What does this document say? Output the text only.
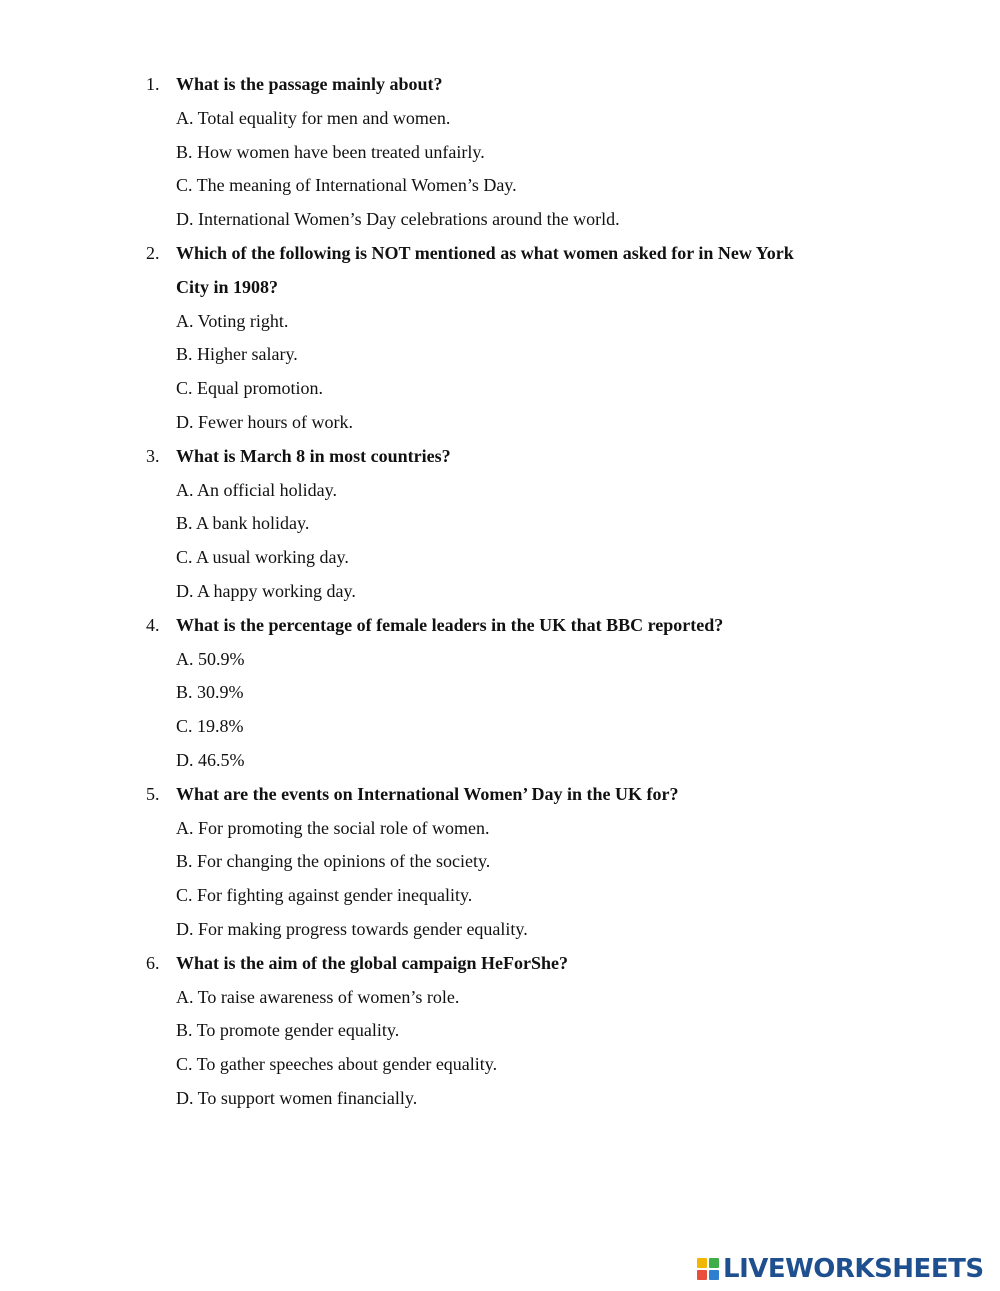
1. What is the passage mainly about?
A. Total equality for men and women.
B. How women have been treated unfairly.
C. The meaning of International Women’s Day.
D. International Women’s Day celebrations around the world.
2. Which of the following is NOT mentioned as what women asked for in New York
City in 1908?
A. Voting right.
B. Higher salary.
C. Equal promotion.
D. Fewer hours of work.
3. What is March 8 in most countries?
A. An official holiday.
B. A bank holiday.
C. A usual working day.
D. A happy working day.
4. What is the percentage of female leaders in the UK that BBC reported?
A. 50.9%
B. 30.9%
C. 19.8%
D. 46.5%
5. What are the events on International Women’ Day in the UK for?
A. For promoting the social role of women.
B. For changing the opinions of the society.
C. For fighting against gender inequality.
D. For making progress towards gender equality.
6. What is the aim of the global campaign HeForShe?
A. To raise awareness of women’s role.
B. To promote gender equality.
C. To gather speeches about gender equality.
D. To support women financially.
LIVEWORKSHEETS
